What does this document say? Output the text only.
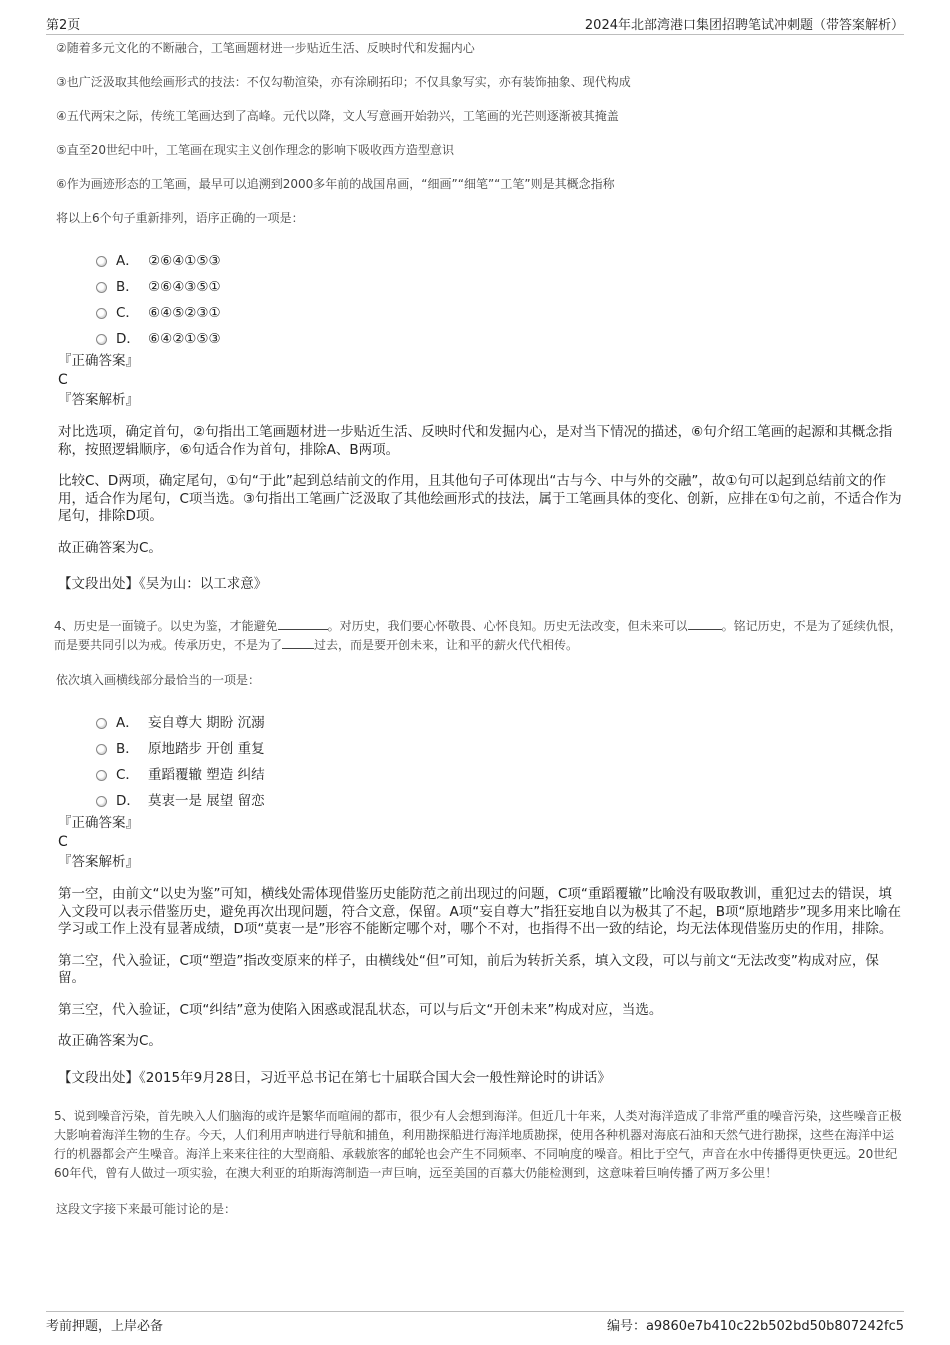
第2页	2024年北部湾港口集团招聘笔试冲刺题（带答案解析）

②随着多元文化的不断融合，工笔画题材进一步贴近生活、反映时代和发掘内心

③也广泛汲取其他绘画形式的技法：不仅勾勒渲染，亦有涂刷拓印；不仅具象写实，亦有装饰抽象、现代构成

④五代两宋之际，传统工笔画达到了高峰。元代以降，文人写意画开始勃兴，工笔画的光芒则逐渐被其掩盖

⑤直至20世纪中叶，工笔画在现实主义创作理念的影响下吸收西方造型意识

⑥作为画迹形态的工笔画，最早可以追溯到2000多年前的战国帛画，“细画”“细笔”“工笔”则是其概念指称

将以上6个句子重新排列，语序正确的一项是：

A． ②⑥④①⑤③
B． ②⑥④③⑤①
C． ⑥④⑤②③①
D． ⑥④②①⑤③

『正确答案』

C

『答案解析』

对比选项，确定首句，②句指出工笔画题材进一步贴近生活、反映时代和发掘内心，是对当下情况的描述，⑥句介绍工笔画的起源和其概念指称，按照逻辑顺序，⑥句适合作为首句，排除A、B两项。

比较C、D两项，确定尾句，①句“于此”起到总结前文的作用，且其他句子可体现出“古与今、中与外的交融”，故①句可以起到总结前文的作用，适合作为尾句，C项当选。③句指出工笔画广泛汲取了其他绘画形式的技法，属于工笔画具体的变化、创新，应排在①句之前，不适合作为尾句，排除D项。

故正确答案为C。

【文段出处】《吴为山：以工求意》

4、历史是一面镜子。以史为鉴，才能避免	。对历史，我们要心怀敬畏、心怀良知。历史无法改变，但未来可以	。铭记历史，不是为了延续仇恨，而是要共同引以为戒。传承历史，不是为了	过去，而是要开创未来，让和平的薪火代代相传。

依次填入画横线部分最恰当的一项是：

A． 妄自尊大 期盼 沉溺
B． 原地踏步 开创 重复
C． 重蹈覆辙 塑造 纠结
D． 莫衷一是 展望 留恋

『正确答案』

C

『答案解析』

第一空，由前文“以史为鉴”可知，横线处需体现借鉴历史能防范之前出现过的问题，C项“重蹈覆辙”比喻没有吸取教训，重犯过去的错误，填入文段可以表示借鉴历史，避免再次出现问题，符合文意，保留。A项“妄自尊大”指狂妄地自以为极其了不起，B项“原地踏步”现多用来比喻在学习或工作上没有显著成绩，D项“莫衷一是”形容不能断定哪个对，哪个不对，也指得不出一致的结论，均无法体现借鉴历史的作用，排除。

第二空，代入验证，C项“塑造”指改变原来的样子，由横线处“但”可知，前后为转折关系，填入文段，可以与前文“无法改变”构成对应，保留。

第三空，代入验证，C项“纠结”意为使陷入困惑或混乱状态，可以与后文“开创未来”构成对应，当选。

故正确答案为C。

【文段出处】《2015年9月28日，习近平总书记在第七十届联合国大会一般性辩论时的讲话》

5、说到噪音污染，首先映入人们脑海的或许是繁华而喧闹的都市，很少有人会想到海洋。但近几十年来，人类对海洋造成了非常严重的噪音污染，这些噪音正极大影响着海洋生物的生存。今天，人们利用声呐进行导航和捕鱼，利用勘探船进行海洋地质勘探，使用各种机器对海底石油和天然气进行勘探，这些在海洋中运行的机器都会产生噪音。海洋上来来往往的大型商船、承载旅客的邮轮也会产生不同频率、不同响度的噪音。相比于空气，声音在水中传播得更快更远。20世纪60年代，曾有人做过一项实验，在澳大利亚的珀斯海湾制造一声巨响，远至美国的百慕大仍能检测到，这意味着巨响传播了两万多公里！

这段文字接下来最可能讨论的是：

考前押题，上岸必备	编号：a9860e7b410c22b502bd50b807242fc5
